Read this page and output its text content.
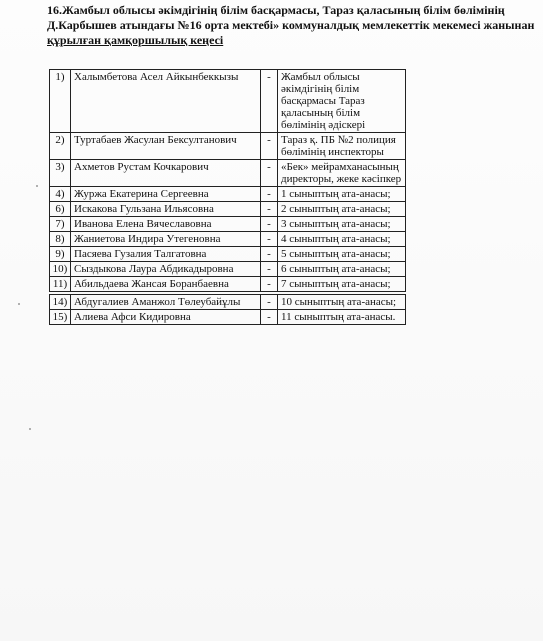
16.Жамбыл облысы әкімдігінің білім басқармасы, Тараз қаласының білім бөлімінің
Д.Карбышев атындағы №16 орта мектебі» коммуналдық мемлекеттік мекемесі жанынан
құрылған қамқоршылық кеңесі
1)	Халымбетова Асел Айкынбеккызы	-	Жамбыл облысы әкімдігінің білім басқармасы Тараз қаласының білім бөлімінің әдіскері
2)	Туртабаев Жасулан Бексултанович	-	Тараз қ. ПБ №2 полиция бөлімінің инспекторы
3)	Ахметов Рустам Кочкарович	-	«Бек» мейрамханасының директоры, жеке кәсіпкер
4)	Журжа Екатерина Сергеевна	-	1 сыныптың ата-анасы;
6)	Искакова Гульзана Ильясовна	-	2 сыныптың ата-анасы;
7)	Иванова Елена Вячеславовна	-	3 сыныптың ата-анасы;
8)	Жаниетова Индира Утегеновна	-	4 сыныптың ата-анасы;
9)	Пасяева Гузалия Талгатовна	-	5 сыныптың ата-анасы;
10)	Сыздыкова Лаура Абдикадыровна	-	6 сыныптың ата-анасы;
11)	Абильдаева Жансая Боранбаевна	-	7 сыныптың ата-анасы;

14)	Абдугалиев Аманжол Төлеубайұлы	-	10 сыныптың ата-анасы;
15)	Алиева Афси Кидировна	-	11 сыныптың ата-анасы.
